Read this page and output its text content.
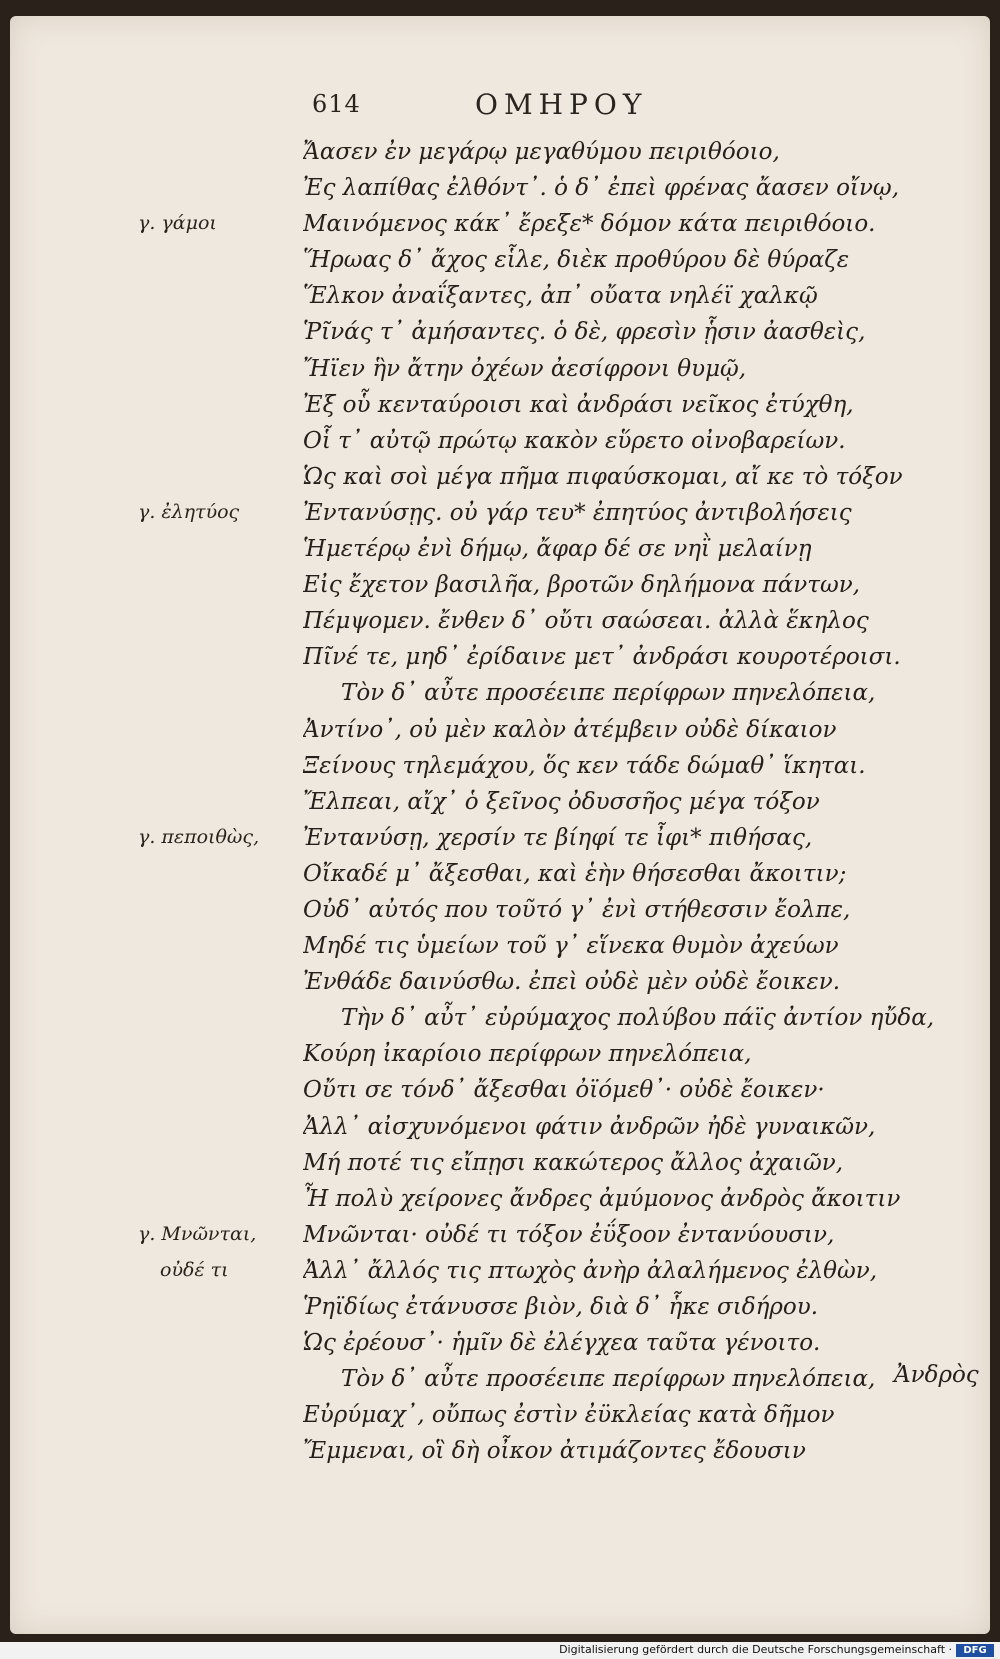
614	ΟΜΗΡΟΥ
Ἄασεν ἐν μεγάρῳ μεγαθύμου πειριθόοιο,
Ἐς λαπίθας ἐλθόντ᾽. ὁ δ᾽ ἐπεὶ φρένας ἄασεν οἴνῳ,
Μαινόμενος κάκ᾽ ἔρεξε* δόμον κάτα πειριθόοιο.
Ἥρωας δ᾽ ἄχος εἷλε, διὲκ προθύρου δὲ θύραζε
Ἕλκον ἀναΐξαντες, ἀπ᾽ οὔατα νηλέϊ χαλκῷ
Ῥῖνάς τ᾽ ἀμήσαντες. ὁ δὲ, φρεσὶν ᾗσιν ἀασθεὶς,
Ἤϊεν ἣν ἄτην ὀχέων ἀεσίφρονι θυμῷ,
Ἐξ οὗ κενταύροισι καὶ ἀνδράσι νεῖκος ἐτύχθη,
Οἷ τ᾽ αὐτῷ πρώτῳ κακὸν εὕρετο οἰνοβαρείων.
Ὡς καὶ σοὶ μέγα πῆμα πιφαύσκομαι, αἴ κε τὸ τόξον
Ἐντανύσῃς. οὐ γάρ τευ* ἐπητύος ἀντιβολήσεις
Ἡμετέρῳ ἐνὶ δήμῳ, ἄφαρ δέ σε νηῒ μελαίνῃ
Εἰς ἔχετον βασιλῆα, βροτῶν δηλήμονα πάντων,
Πέμψομεν. ἔνθεν δ᾽ οὔτι σαώσεαι. ἀλλὰ ἕκηλος
Πῖνέ τε, μηδ᾽ ἐρίδαινε μετ᾽ ἀνδράσι κουροτέροισι.
Τὸν δ᾽ αὖτε προσέειπε περίφρων πηνελόπεια,
Ἀντίνο᾽, οὐ μὲν καλὸν ἀτέμβειν οὐδὲ δίκαιον
Ξείνους τηλεμάχου, ὅς κεν τάδε δώμαθ᾽ ἵκηται.
Ἔλπεαι, αἴχ᾽ ὁ ξεῖνος ὀδυσσῆος μέγα τόξον
Ἐντανύσῃ, χερσίν τε βίηφί τε ἶφι* πιθήσας,
Οἴκαδέ μ᾽ ἄξεσθαι, καὶ ἑὴν θήσεσθαι ἄκοιτιν;
Οὐδ᾽ αὐτός που τοῦτό γ᾽ ἐνὶ στήθεσσιν ἔολπε,
Μηδέ τις ὑμείων τοῦ γ᾽ εἵνεκα θυμὸν ἀχεύων
Ἐνθάδε δαινύσθω. ἐπεὶ οὐδὲ μὲν οὐδὲ ἔοικεν.
Τὴν δ᾽ αὖτ᾽ εὐρύμαχος πολύβου πάϊς ἀντίον ηὔδα,
Κούρη ἰκαρίοιο περίφρων πηνελόπεια,
Οὔτι σε τόνδ᾽ ἄξεσθαι ὀϊόμεθ᾽· οὐδὲ ἔοικεν·
Ἀλλ᾽ αἰσχυνόμενοι φάτιν ἀνδρῶν ἠδὲ γυναικῶν,
Μή ποτέ τις εἴπῃσι κακώτερος ἄλλος ἀχαιῶν,
Ἦ πολὺ χείρονες ἄνδρες ἀμύμονος ἀνδρὸς ἄκοιτιν
Μνῶνται· οὐδέ τι τόξον ἐΰξοον ἐντανύουσιν,
Ἀλλ᾽ ἄλλός τις πτωχὸς ἀνὴρ ἀλαλήμενος ἐλθὼν,
Ῥηϊδίως ἐτάνυσσε βιὸν, διὰ δ᾽ ἧκε σιδήρου.
Ὡς ἐρέουσ᾽· ἡμῖν δὲ ἐλέγχεα ταῦτα γένοιτο.
Τὸν δ᾽ αὖτε προσέειπε περίφρων πηνελόπεια,
Εὐρύμαχ᾽, οὔπως ἐστὶν ἐϋκλείας κατὰ δῆμον
Ἔμμεναι, οἳ δὴ οἶκον ἀτιμάζοντες ἔδουσιν
γ. γάμοι
γ. ἐλητύος
γ. πεποιθὼς,
γ. Μνῶνται,
οὐδέ τι
Ἀνδρὸς
Digitalisierung gefördert durch die Deutsche Forschungsgemeinschaft ·	DFG
